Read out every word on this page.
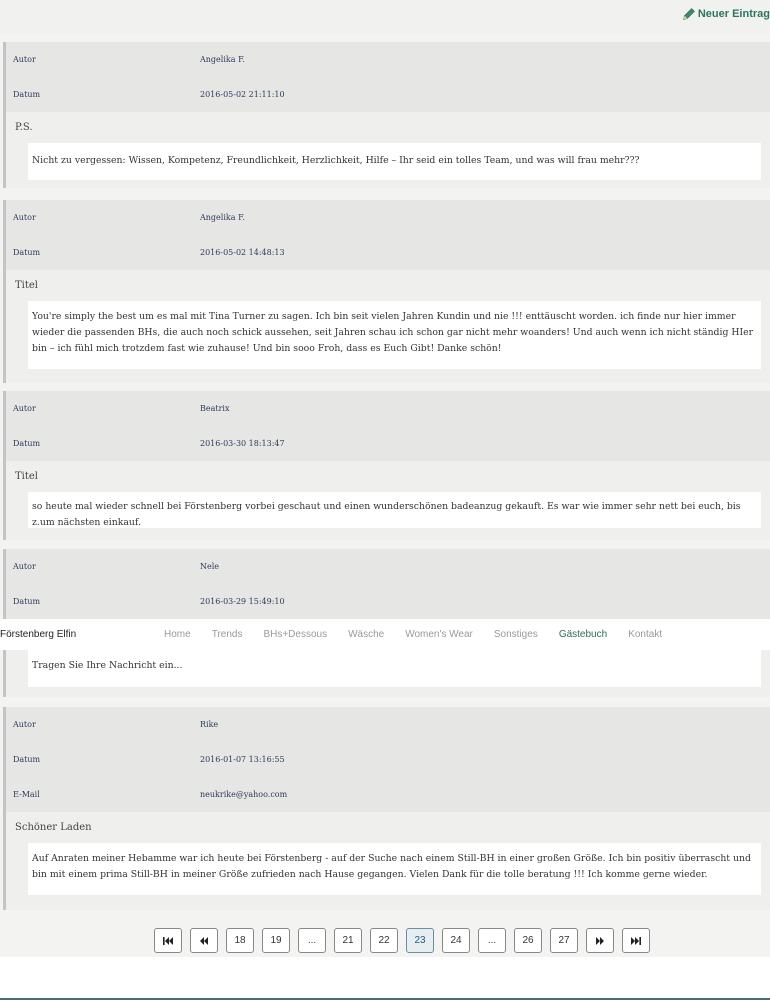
Neuer Eintrag
Autor	Angelika F.
Datum	2016-05-02 21:11:10
P.S.
Nicht zu vergessen: Wissen, Kompetenz, Freundlichkeit, Herzlichkeit, Hilfe – Ihr seid ein tolles Team, und was will frau mehr???
Autor	Angelika F.
Datum	2016-05-02 14:48:13
Titel
You're simply the best um es mal mit Tina Turner zu sagen. Ich bin seit vielen Jahren Kundin und nie !!! enttäuscht worden. ich finde nur hier immer wieder die passenden BHs, die auch noch schick aussehen, seit Jahren schau ich schon gar nicht mehr woanders! Und auch wenn ich nicht ständig HIer bin – ich fühl mich trotzdem fast wie zuhause! Und bin sooo Froh, dass es Euch Gibt! Danke schön!
Autor	Beatrix
Datum	2016-03-30 18:13:47
Titel
so heute mal wieder schnell bei Förstenberg vorbei geschaut und einen wunderschönen badeanzug gekauft. Es war wie immer sehr nett bei euch, bis z.um nächsten einkauf.
Autor	Nele
Datum	2016-03-29 15:49:10
Tragen Sie Ihre Nachricht ein...
Autor	Rike
Datum	2016-01-07 13:16:55
E-Mail	neukrike@yahoo.com
Schöner Laden
Auf Anraten meiner Hebamme war ich heute bei Förstenberg - auf der Suche nach einem Still-BH in einer großen Größe. Ich bin positiv überrascht und bin mit einem prima Still-BH in meiner Größe zufrieden nach Hause gegangen. Vielen Dank für die tolle beratung !!! Ich komme gerne wieder.
Förstenberg Elfin	Home Trends BHs+Dessous Wäsche Women's Wear Sonstiges Gästebuch Kontakt
18	19	...	21	22	23	24	...	26	27
